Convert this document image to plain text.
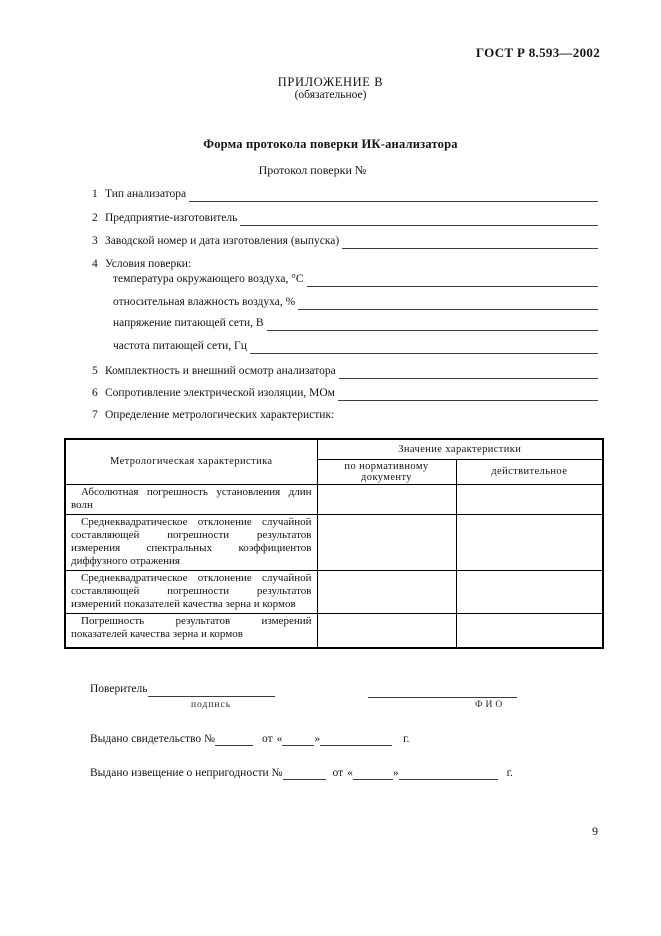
ГОСТ Р 8.593—2002
ПРИЛОЖЕНИЕ В
(обязательное)
Форма протокола поверки ИК-анализатора
Протокол поверки №
1 Тип анализатора
2 Предприятие-изготовитель
3 Заводской номер и дата изготовления (выпуска)
4 Условия поверки:
температура окружающего воздуха, °С
относительная влажность воздуха, %
напряжение питающей сети, В
частота питающей сети, Гц
5 Комплектность и внешний осмотр анализатора
6 Сопротивление электрической изоляции, МОм
7 Определение метрологических характеристик:
Метрологическая характеристика	Значение характеристики	
	по нормативному документу	действительное
Абсолютная погрешность установления длин волн		
Среднеквадратическое отклонение случайной составляющей погрешности результатов измерения спектральных коэффициентов диффузного отражения		
Среднеквадратическое отклонение случайной составляющей погрешности результатов измерений показателей качества зерна и кормов		
Погрешность результатов измерений показателей качества зерна и кормов		
Поверитель
подпись	ФИО
Выдано свидетельство №	от «	»	г.
Выдано извещение о непригодности №	от «	»	г.
9
